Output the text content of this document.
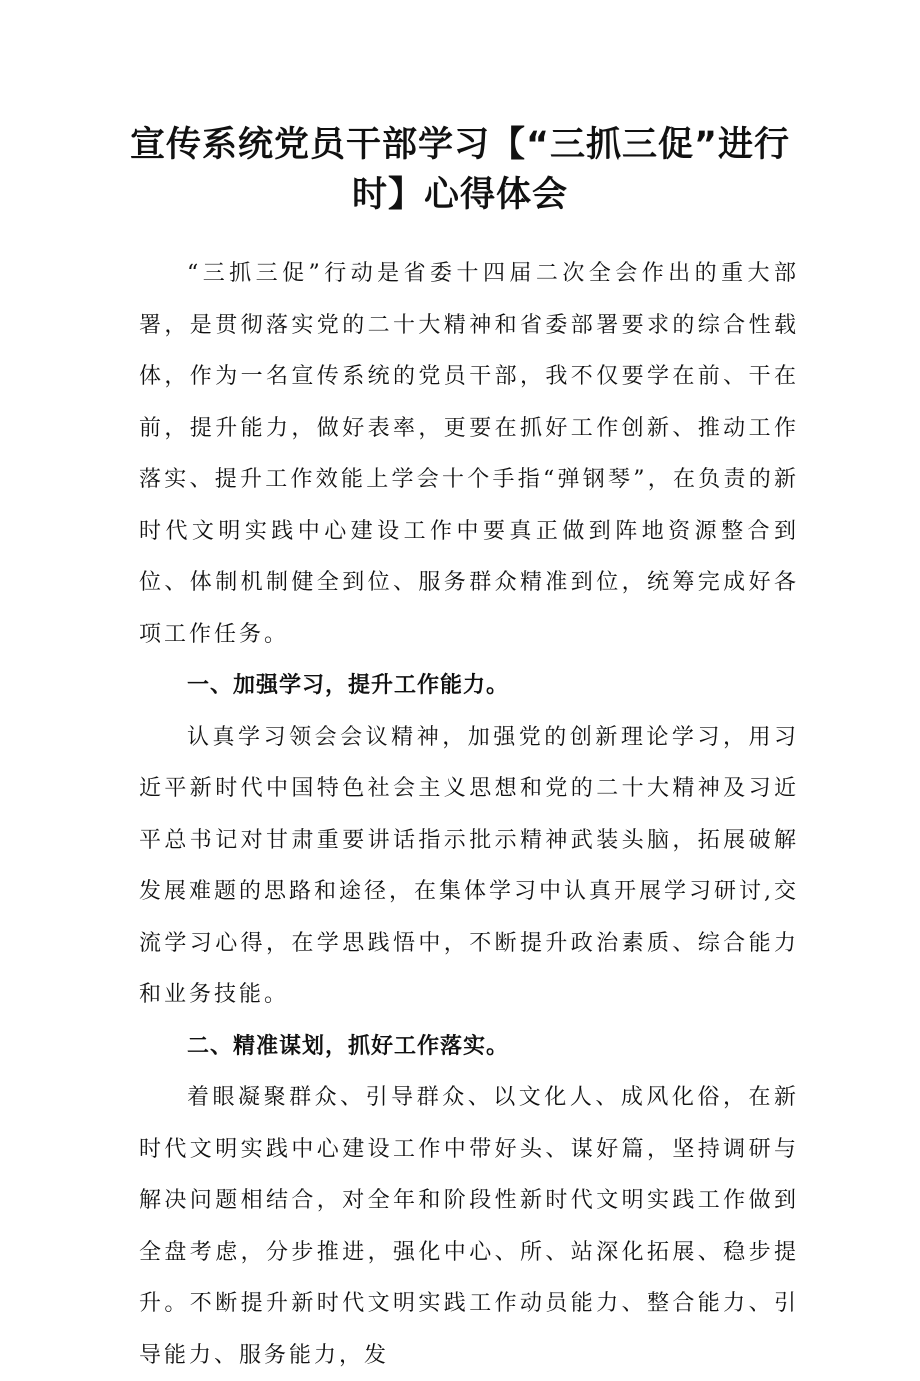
宣传系统党员干部学习【“三抓三促”进行时】心得体会

“三抓三促”行动是省委十四届二次全会作出的重大部署，是贯彻落实党的二十大精神和省委部署要求的综合性载体，作为一名宣传系统的党员干部，我不仅要学在前、干在前，提升能力，做好表率，更要在抓好工作创新、推动工作落实、提升工作效能上学会十个手指“弹钢琴”，在负责的新时代文明实践中心建设工作中要真正做到阵地资源整合到位、体制机制健全到位、服务群众精准到位，统筹完成好各项工作任务。

一、加强学习，提升工作能力。

认真学习领会会议精神，加强党的创新理论学习，用习近平新时代中国特色社会主义思想和党的二十大精神及习近平总书记对甘肃重要讲话指示批示精神武装头脑，拓展破解发展难题的思路和途径，在集体学习中认真开展学习研讨,交流学习心得，在学思践悟中，不断提升政治素质、综合能力和业务技能。

二、精准谋划，抓好工作落实。

着眼凝聚群众、引导群众、以文化人、成风化俗，在新时代文明实践中心建设工作中带好头、谋好篇，坚持调研与解决问题相结合，对全年和阶段性新时代文明实践工作做到全盘考虑，分步推进，强化中心、所、站深化拓展、稳步提升。不断提升新时代文明实践工作动员能力、整合能力、引导能力、服务能力，发
